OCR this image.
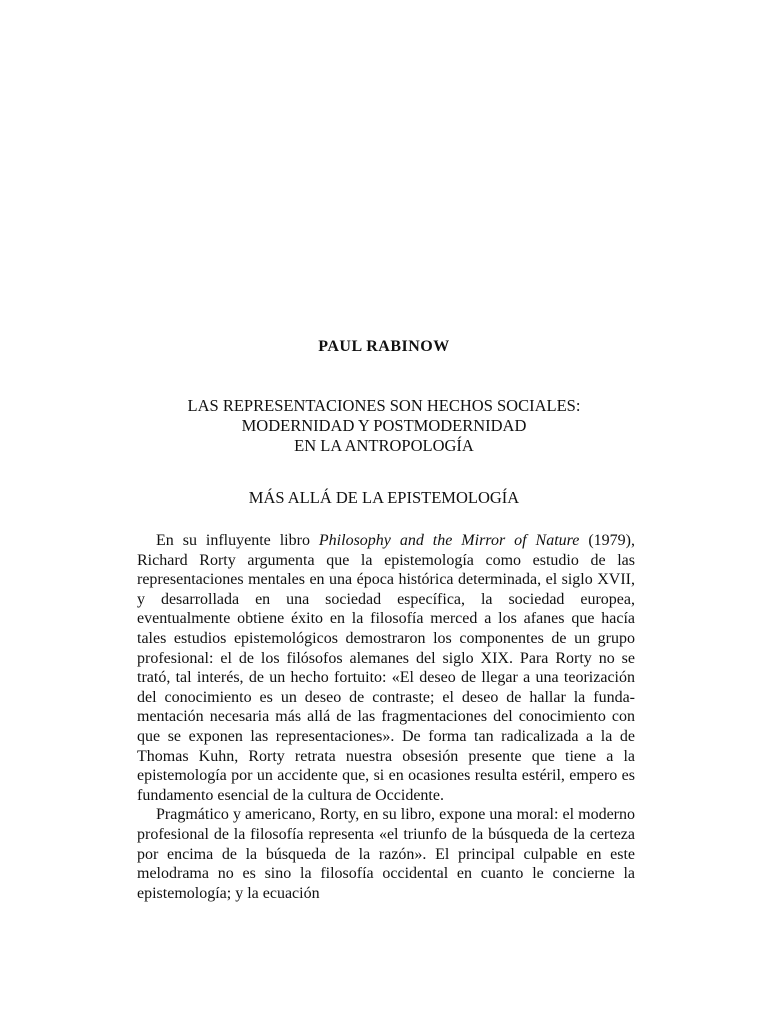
PAUL RABINOW
LAS REPRESENTACIONES SON HECHOS SOCIALES:
MODERNIDAD Y POSTMODERNIDAD
EN LA ANTROPOLOGÍA
MÁS ALLÁ DE LA EPISTEMOLOGÍA

En su influyente libro Philosophy and the Mirror of Nature (1979), Richard Rorty argumenta que la epistemología como estudio de las representaciones mentales en una época histórica determinada, el siglo XVII, y desarrollada en una sociedad específica, la sociedad europea, eventualmente obtiene éxito en la filosofía merced a los afanes que hacía tales estudios epistemológicos demostraron los componentes de un grupo profesional: el de los filósofos alemanes del siglo XIX. Para Rorty no se trató, tal interés, de un hecho fortuito: «El deseo de llegar a una teorización del conocimiento es un deseo de contraste; el deseo de hallar la fundamentación necesaria más allá de las fragmentaciones del conocimiento con que se exponen las representaciones». De forma tan radicalizada a la de Thomas Kuhn, Rorty retrata nuestra obsesión presente que tiene a la epistemología por un accidente que, si en ocasiones resulta estéril, empero es fundamento esencial de la cultura de Occidente.

Pragmático y americano, Rorty, en su libro, expone una moral: el moderno profesional de la filosofía representa «el triunfo de la búsqueda de la certeza por encima de la búsqueda de la razón». El principal culpable en este melodrama no es sino la filosofía occidental en cuanto le concierne la epistemología; y la ecuación
